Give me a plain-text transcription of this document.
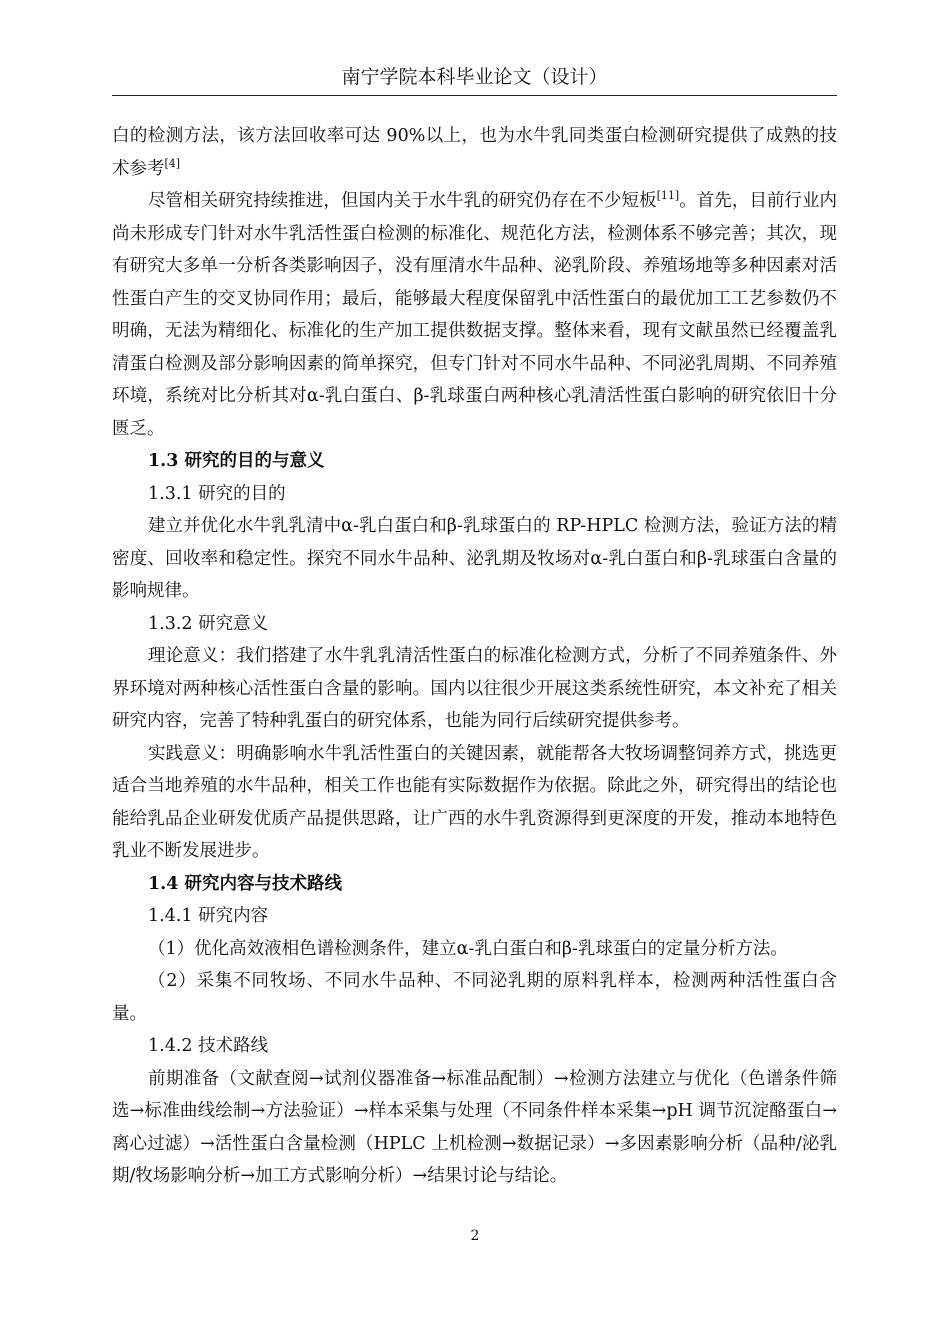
南宁学院本科毕业论文（设计）

白的检测方法，该方法回收率可达 90%以上，也为水牛乳同类蛋白检测研究提供了成熟的技术参考[4]

尽管相关研究持续推进，但国内关于水牛乳的研究仍存在不少短板[11]。首先，目前行业内尚未形成专门针对水牛乳活性蛋白检测的标准化、规范化方法，检测体系不够完善；其次，现有研究大多单一分析各类影响因子，没有厘清水牛品种、泌乳阶段、养殖场地等多种因素对活性蛋白产生的交叉协同作用；最后，能够最大程度保留乳中活性蛋白的最优加工工艺参数仍不明确，无法为精细化、标准化的生产加工提供数据支撑。整体来看，现有文献虽然已经覆盖乳清蛋白检测及部分影响因素的简单探究，但专门针对不同水牛品种、不同泌乳周期、不同养殖环境，系统对比分析其对α-乳白蛋白、β-乳球蛋白两种核心乳清活性蛋白影响的研究依旧十分匮乏。

1.3 研究的目的与意义

1.3.1 研究的目的

建立并优化水牛乳乳清中α-乳白蛋白和β-乳球蛋白的 RP-HPLC 检测方法，验证方法的精密度、回收率和稳定性。探究不同水牛品种、泌乳期及牧场对α-乳白蛋白和β-乳球蛋白含量的影响规律。

1.3.2 研究意义

理论意义：我们搭建了水牛乳乳清活性蛋白的标准化检测方式，分析了不同养殖条件、外界环境对两种核心活性蛋白含量的影响。国内以往很少开展这类系统性研究，本文补充了相关研究内容，完善了特种乳蛋白的研究体系，也能为同行后续研究提供参考。

实践意义：明确影响水牛乳活性蛋白的关键因素，就能帮各大牧场调整饲养方式，挑选更适合当地养殖的水牛品种，相关工作也能有实际数据作为依据。除此之外，研究得出的结论也能给乳品企业研发优质产品提供思路，让广西的水牛乳资源得到更深度的开发，推动本地特色乳业不断发展进步。

1.4 研究内容与技术路线

1.4.1 研究内容

（1）优化高效液相色谱检测条件，建立α-乳白蛋白和β-乳球蛋白的定量分析方法。

（2）采集不同牧场、不同水牛品种、不同泌乳期的原料乳样本，检测两种活性蛋白含量。

1.4.2 技术路线

前期准备（文献查阅→试剂仪器准备→标准品配制）→检测方法建立与优化（色谱条件筛选→标准曲线绘制→方法验证）→样本采集与处理（不同条件样本采集→pH 调节沉淀酪蛋白→离心过滤）→活性蛋白含量检测（HPLC 上机检测→数据记录）→多因素影响分析（品种/泌乳期/牧场影响分析→加工方式影响分析）→结果讨论与结论。

2
